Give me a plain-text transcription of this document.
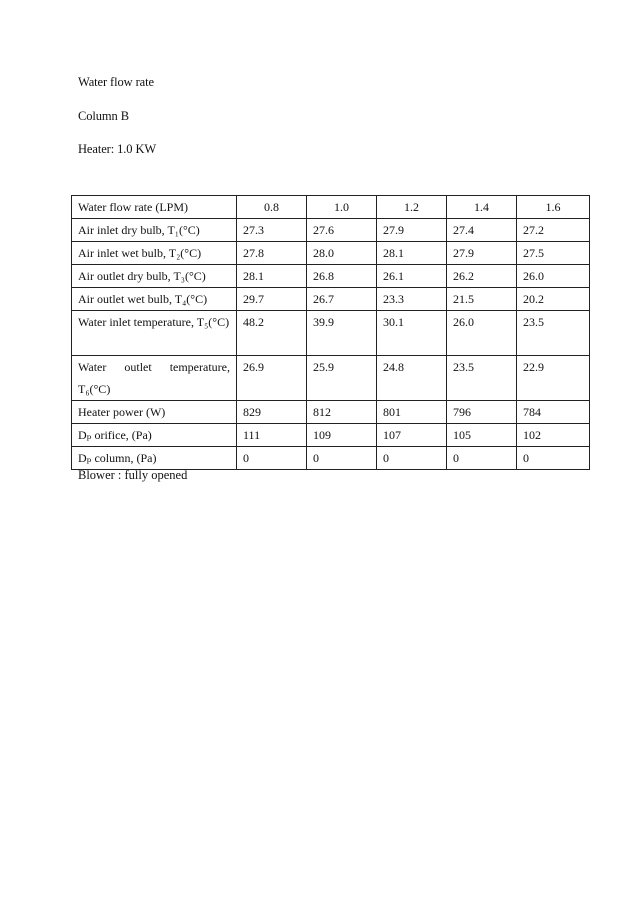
Water flow rate
Column B
Heater: 1.0 KW
Water flow rate (LPM)	0.8	1.0	1.2	1.4	1.6
Air inlet dry bulb, T₁(°C)	27.3	27.6	27.9	27.4	27.2
Air inlet wet bulb, T₂(°C)	27.8	28.0	28.1	27.9	27.5
Air outlet dry bulb, T₃(°C)	28.1	26.8	26.1	26.2	26.0
Air outlet wet bulb, T₄(°C)	29.7	26.7	23.3	21.5	20.2
Water inlet temperature, T₅(°C)	48.2	39.9	30.1	26.0	23.5
Water outlet temperature, T₆(°C)	26.9	25.9	24.8	23.5	22.9
Heater power (W)	829	812	801	796	784
Dₚ orifice, (Pa)	111	109	107	105	102
Dₚ column, (Pa)	0	0	0	0	0
Blower : fully opened
